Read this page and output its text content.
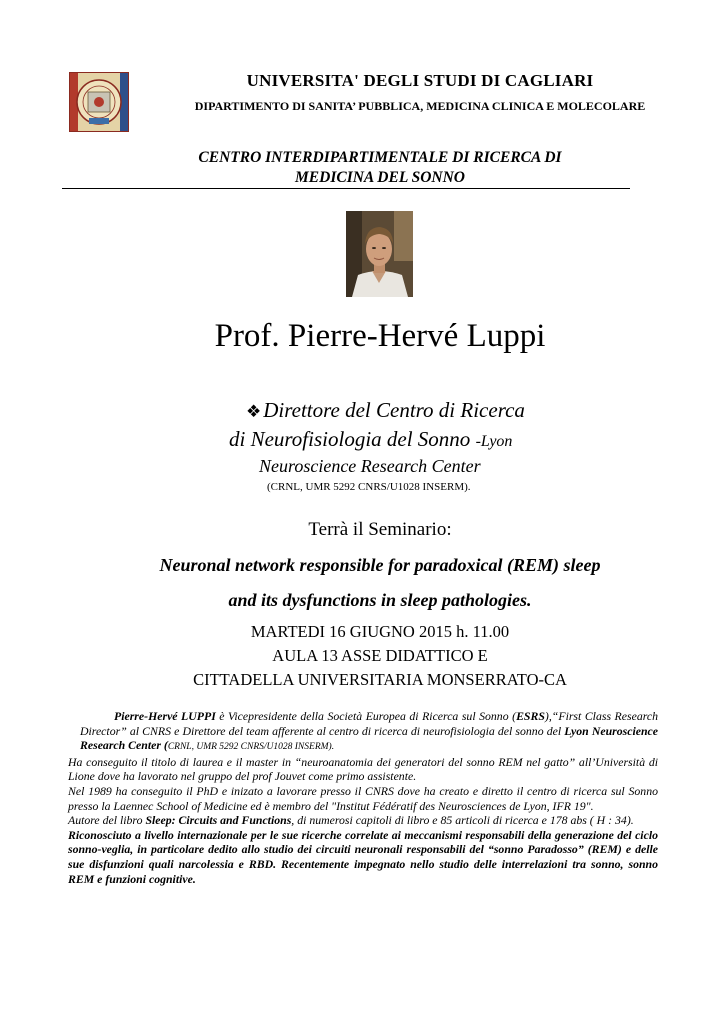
UNIVERSITA' DEGLI STUDI DI CAGLIARI
DIPARTIMENTO DI SANITA’ PUBBLICA, MEDICINA CLINICA E MOLECOLARE
CENTRO INTERDIPARTIMENTALE DI RICERCA DI
MEDICINA DEL SONNO
Prof. Pierre-Hervé Luppi
❖Direttore del Centro di Ricerca
di Neurofisiologia del Sonno -Lyon
Neuroscience Research Center
(CRNL, UMR 5292 CNRS/U1028 INSERM).
Terrà il Seminario:
Neuronal network responsible for paradoxical (REM) sleep
and its dysfunctions in sleep pathologies.
MARTEDI 16 GIUGNO 2015 h. 11.00
AULA 13 ASSE DIDATTICO E
CITTADELLA UNIVERSITARIA MONSERRATO-CA

Pierre-Hervé LUPPI è Vicepresidente della Società Europea di Ricerca sul Sonno (ESRS),“First Class Research Director” al CNRS e Direttore del team afferente al centro di ricerca di neurofisiologia del sonno del Lyon Neuroscience Research Center (CRNL, UMR 5292 CNRS/U1028 INSERM).

Ha conseguito il titolo di laurea e il master in “neuroanatomia dei generatori del sonno REM nel gatto” all’Università di Lione dove ha lavorato nel gruppo del prof Jouvet come primo assistente.

Nel 1989 ha conseguito il PhD e inizato a lavorare presso il CNRS dove ha creato e diretto il centro di ricerca sul Sonno presso la Laennec School of Medicine ed è membro del "Institut Fédératif des Neurosciences de Lyon, IFR 19".

Autore del libro Sleep: Circuits and Functions, di numerosi capitoli di libro e 85 articoli di ricerca e 178 abs ( H : 34).

Riconosciuto a livello internazionale per le sue ricerche correlate ai meccanismi responsabili della generazione del ciclo sonno-veglia, in particolare dedito allo studio dei circuiti neuronali responsabili del “sonno Paradosso” (REM) e delle sue disfunzioni quali narcolessia e RBD. Recentemente impegnato nello studio delle interrelazioni tra sonno, sonno REM e funzioni cognitive.
